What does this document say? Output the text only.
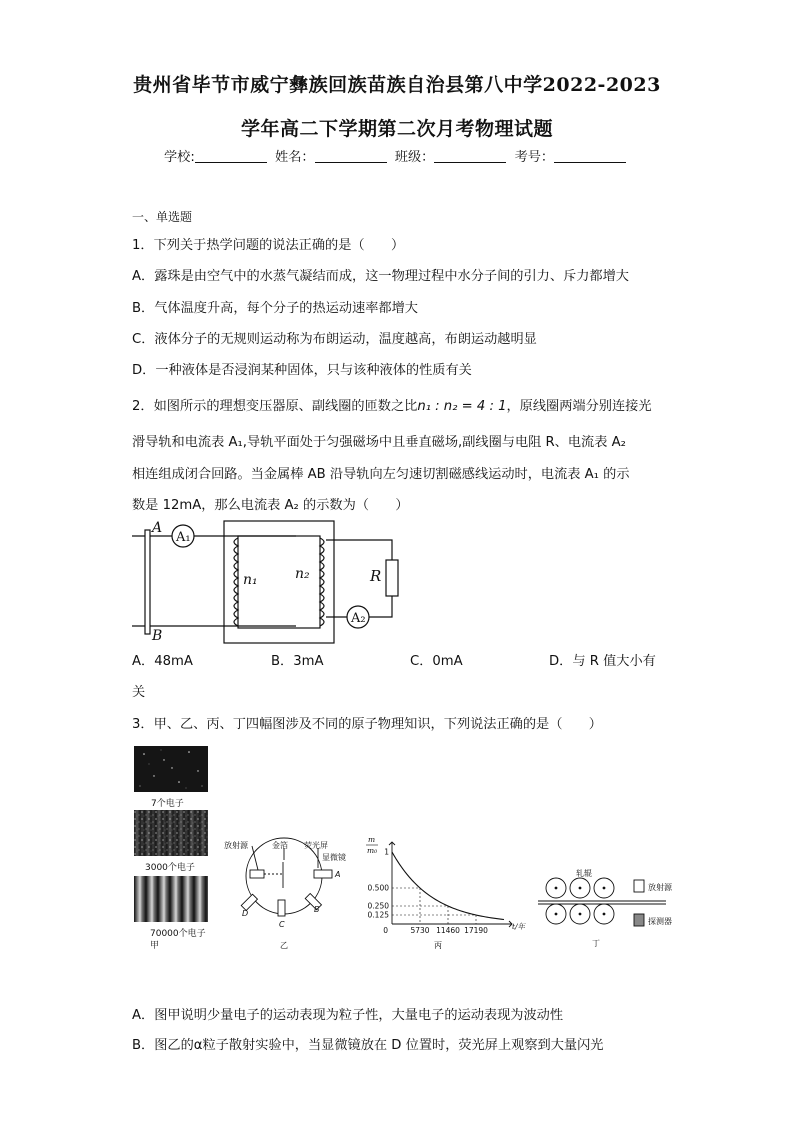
贵州省毕节市威宁彝族回族苗族自治县第八中学2022-2023
学年高二下学期第二次月考物理试题
学校:	姓名：	班级：	考号：
一、单选题
1．下列关于热学问题的说法正确的是（　　）
A．露珠是由空气中的水蒸气凝结而成，这一物理过程中水分子间的引力、斥力都增大
B．气体温度升高，每个分子的热运动速率都增大
C．液体分子的无规则运动称为布朗运动，温度越高，布朗运动越明显
D．一种液体是否浸润某种固体，只与该种液体的性质有关
2．如图所示的理想变压器原、副线圈的匝数之比n₁ : n₂ = 4 : 1，原线圈两端分别连接光
滑导轨和电流表 A₁,导轨平面处于匀强磁场中且垂直磁场,副线圈与电阻 R、电流表 A₂
相连组成闭合回路。当金属棒 AB 沿导轨向左匀速切割磁感线运动时，电流表 A₁ 的示
数是 12mA，那么电流表 A₂ 的示数为（　　）
A
B
A₁
A₂
n₁	n₂	R
A．48mA	B．3mA	C．0mA	D．与 R 值大小有
关
3．甲、乙、丙、丁四幅图涉及不同的原子物理知识，下列说法正确的是（　　）
7个电子
3000个电子
70000个电子
甲
放射源	金箔 荧光屏
显微镜
A
B
C
D
乙
1
0.500
0.250
0.125
0	5730 11460 17190
m
m₀
t/年
丙
轧辊
放射源
探测器
丁
A．图甲说明少量电子的运动表现为粒子性，大量电子的运动表现为波动性
B．图乙的α粒子散射实验中，当显微镜放在 D 位置时，荧光屏上观察到大量闪光
